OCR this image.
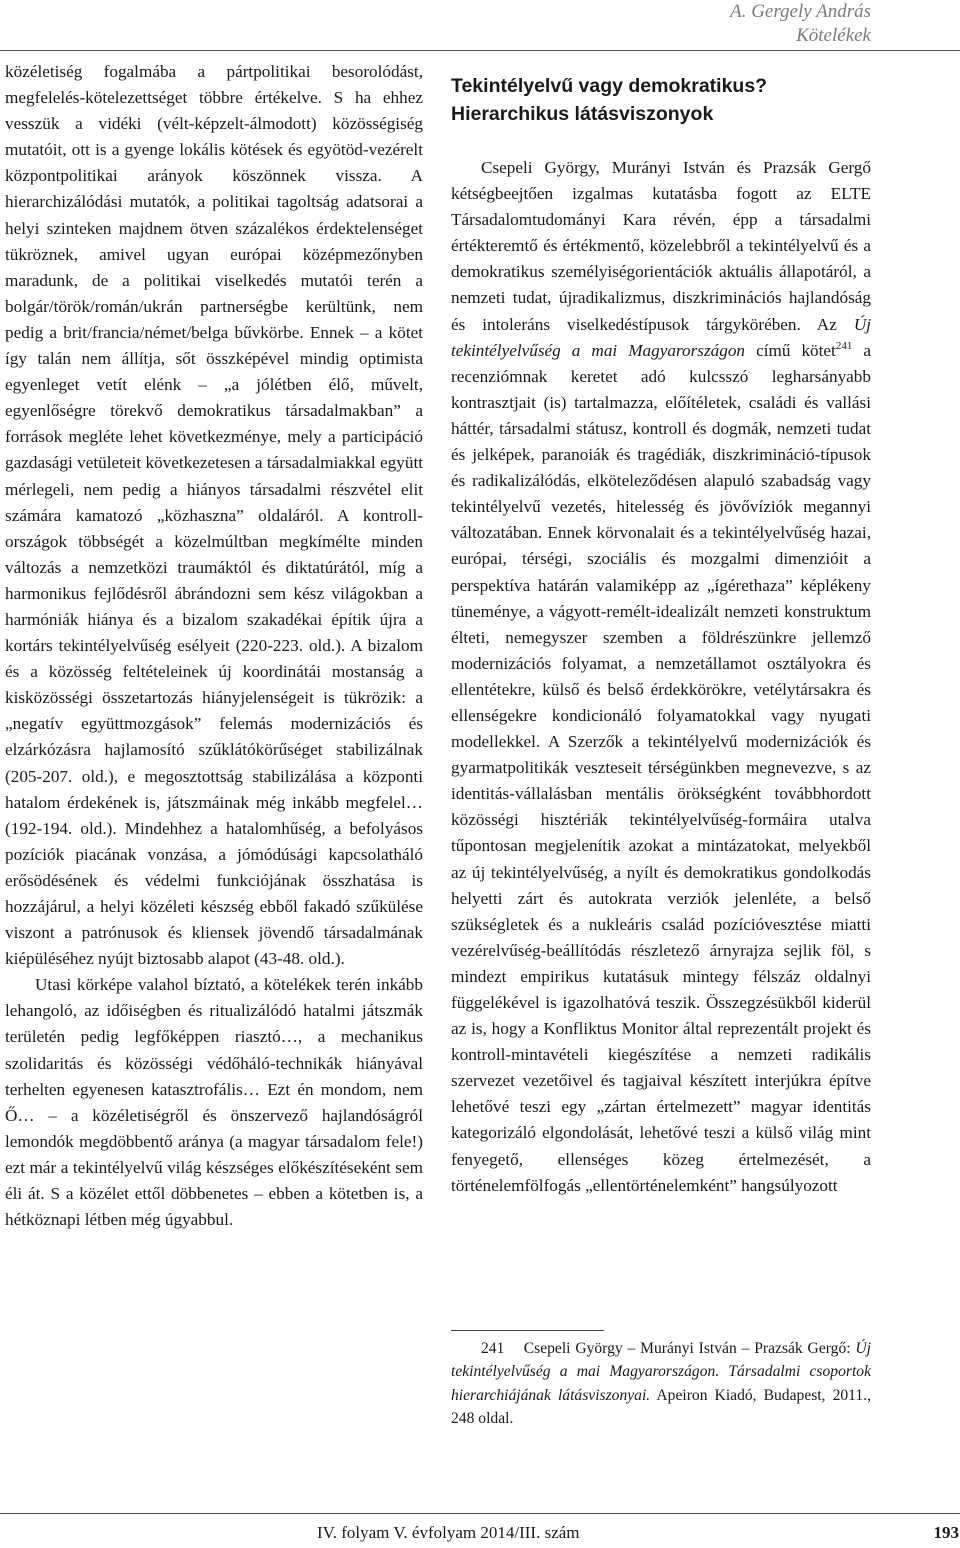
A. Gergely András
Kötelékek

közéletiség fogalmába a pártpolitikai besorolódást, megfelelés-kötelezettséget többre értékelve. S ha ehhez vesszük a vidéki (vélt-képzelt-álmodott) közösségiség mutatóit, ott is a gyenge lokális kötések és egyötöd-vezérelt központpolitikai arányok köszönnek vissza. A hierarchizálódási mutatók, a politikai tagoltság adatsorai a helyi szinteken majdnem ötven százalékos érdektelenséget tükröznek, amivel ugyan európai középmezőnyben maradunk, de a politikai viselkedés mutatói terén a bolgár/török/román/ukrán partnerségbe kerültünk, nem pedig a brit/francia/német/belga bűvkörbe. Ennek – a kötet így talán nem állítja, sőt összképével mindig optimista egyenleget vetít elénk – „a jólétben élő, művelt, egyenlőségre törekvő demokratikus társadalmakban” a források megléte lehet következménye, mely a participáció gazdasági vetületeit következetesen a társadalmiakkal együtt mérlegeli, nem pedig a hiányos társadalmi részvétel elit számára kamatozó „közhaszna” oldaláról. A kontroll-országok többségét a közelmúltban megkímélte minden változás a nemzetközi traumáktól és diktatúrától, míg a harmonikus fejlődésről ábrándozni sem kész világokban a harmóniák hiánya és a bizalom szakadékai építik újra a kortárs tekintélyelvűség esélyeit (220-223. old.). A bizalom és a közösség feltételeinek új koordinátái mostanság a kisközösségi összetartozás hiányjelenségeit is tükrözik: a „negatív együttmozgások” felemás modernizációs és elzárkózásra hajlamosító szűklátókörűséget stabilizálnak (205-207. old.), e megosztottság stabilizálása a központi hatalom érdekének is, játszmáinak még inkább megfelel… (192-194. old.). Mindehhez a hatalomhűség, a befolyásos pozíciók piacának vonzása, a jómódúsági kapcsolatháló erősödésének és védelmi funkciójának összhatása is hozzájárul, a helyi közéleti készség ebből fakadó szűkülése viszont a patrónusok és kliensek jövendő társadalmának kiépüléséhez nyújt biztosabb alapot (43-48. old.).

Utasi körképe valahol bíztató, a kötelékek terén inkább lehangoló, az időiségben és ritualizálódó hatalmi játszmák területén pedig legfőképpen riasztó…, a mechanikus szolidaritás és közösségi védőháló-technikák hiányával terhelten egyenesen katasztrofális… Ezt én mondom, nem Ő… – a közéletiségről és önszervező hajlandóságról lemondók megdöbbentő aránya (a magyar társadalom fele!) ezt már a tekintélyelvű világ készséges előkészítéseként sem éli át. S a közélet ettől döbbenetes – ebben a kötetben is, a hétköznapi létben még úgyabbul.

Tekintélyelvű vagy demokratikus?

Hierarchikus látásviszonyok

Csepeli György, Murányi István és Prazsák Gergő kétségbeejtően izgalmas kutatásba fogott az ELTE Társadalomtudományi Kara révén, épp a társadalmi értékteremtő és értékmentő, közelebbről a tekintélyelvű és a demokratikus személyiségorientációk aktuális állapotáról, a nemzeti tudat, újradikalizmus, diszkriminációs hajlandóság és intoleráns viselkedéstípusok tárgykörében. Az Új tekintélyelvűség a mai Magyarországon című kötet$^{241}$ a recenziómnak keretet adó kulcsszó legharsányabb kontrasztjait (is) tartalmazza, előítéletek, családi és vallási háttér, társadalmi státusz, kontroll és dogmák, nemzeti tudat és jelképek, paranoiák és tragédiák, diszkrimináció-típusok és radikalizálódás, elköteleződésen alapuló szabadság vagy tekintélyelvű vezetés, hitelesség és jövővíziók megannyi változatában. Ennek körvonalait és a tekintélyelvűség hazai, európai, térségi, szociális és mozgalmi dimenzióit a perspektíva határán valamiképp az „ígérethaza” képlékeny tüneménye, a vágyott-remélt-idealizált nemzeti konstruktum élteti, nemegyszer szemben a földrészünkre jellemző modernizációs folyamat, a nemzetállamot osztályokra és ellentétekre, külső és belső érdekkörökre, vetélytársakra és ellenségekre kondicionáló folyamatokkal vagy nyugati modellekkel. A Szerzők a tekintélyelvű modernizációk és gyarmatpolitikák veszteseit térségünkben megnevezve, s az identitás-vállalásban mentális örökségként továbbhordott közösségi hisztériák tekintélyelvűség-formáira utalva tűpontosan megjelenítik azokat a mintázatokat, melyekből az új tekintélyelvűség, a nyílt és demokratikus gondolkodás helyetti zárt és autokrata verziók jelenléte, a belső szükségletek és a nukleáris család pozícióvesztése miatti vezérelvűség-beállítódás részletező árnyrajza sejlik föl, s mindezt empirikus kutatásuk mintegy félszáz oldalnyi függelékével is igazolhatóvá teszik. Összegzésükből kiderül az is, hogy a Konfliktus Monitor által reprezentált projekt és kontroll-mintavételi kiegészítése a nemzeti radikális szervezet vezetőivel és tagjaival készített interjúkra építve lehetővé teszi egy „zártan értelmezett” magyar identitás kategorizáló elgondolását, lehetővé teszi a külső világ mint fenyegető, ellenséges közeg értelmezését, a történelemfölfogás „ellentörténelemként” hangsúlyozott

241 Csepeli György – Murányi István – Prazsák Gergő: Új tekintélyelvűség a mai Magyarországon. Társadalmi csoportok hierarchiájának látásviszonyai. Apeiron Kiadó, Budapest, 2011., 248 oldal.

IV. folyam V. évfolyam 2014/III. szám	193
